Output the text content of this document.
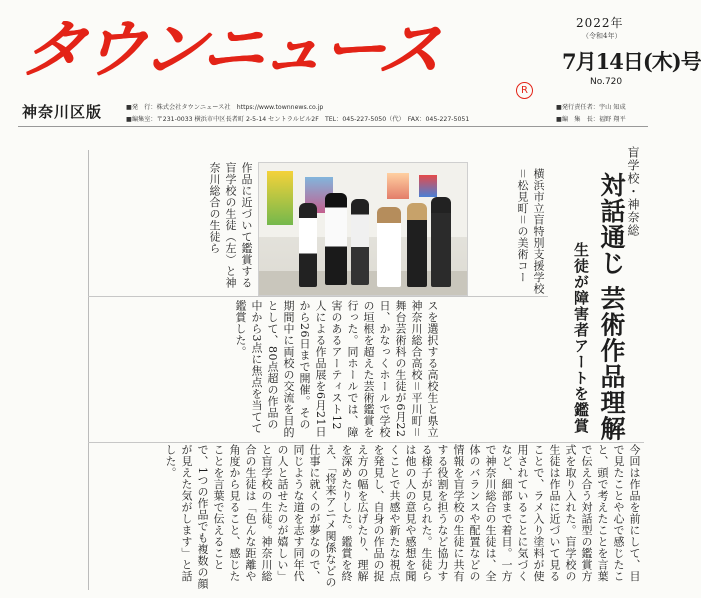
タウンニュース
R
2022年
（令和4年）
7月14日(木)号
No.720
神奈川区版	■発　行：株式会社タウンニュース社　https://www.townnews.co.jp
■編集室：〒231-0033 横浜市中区長者町 2-5-14 セントラルビル2F　TEL：045-227-5050（代）　FAX：045-227-5051
■発行責任者：宇山 知成
■編　集　長：福野 翔平
盲学校・神奈総
対話通じ 芸術作品理解
生徒が障害者アートを鑑賞
横浜市立盲特別支援学校＝松見町＝の美術コー
作品に近づいて鑑賞する盲学校の生徒（左）と神奈川総合の生徒ら
スを選択する高校生と県立神奈川総合高校＝平川町＝舞台芸術科の生徒が6月22日、かなっくホールで学校の垣根を超えた芸術鑑賞を行った。同ホールでは、障害のあるアーティスト12人による作品展を6月21日から26日まで開催。その期間中に両校の交流を目的として、80点超の作品の中から3点に焦点を当てて鑑賞した。
今回は作品を前にして、目で見たことや心で感じたこと、頭で考えたことを言葉で伝え合う対話型の鑑賞方式を取り入れた。盲学校の生徒は作品に近づいて見ることで、ラメ入り塗料が使用されていることに気づくなど、細部まで着目。一方で神奈川総合の生徒は、全体のバランスや配置などの情報を盲学校の生徒に共有する役割を担うなど協力する様子が見られた。生徒らは他の人の意見や感想を聞くことで共感や新たな視点を発見し、自身の作品の捉え方の幅を広げたり、理解を深めたりした。鑑賞を終え、「将来アニメ関係などの仕事に就くのが夢なので、同じような道を志す同年代の人と話せたのが嬉しい」と盲学校の生徒。神奈川総合の生徒は「色んな距離や角度から見ること、感じたことを言葉で伝えることで、1つの作品でも複数の顔が見えた気がします」と話した。
